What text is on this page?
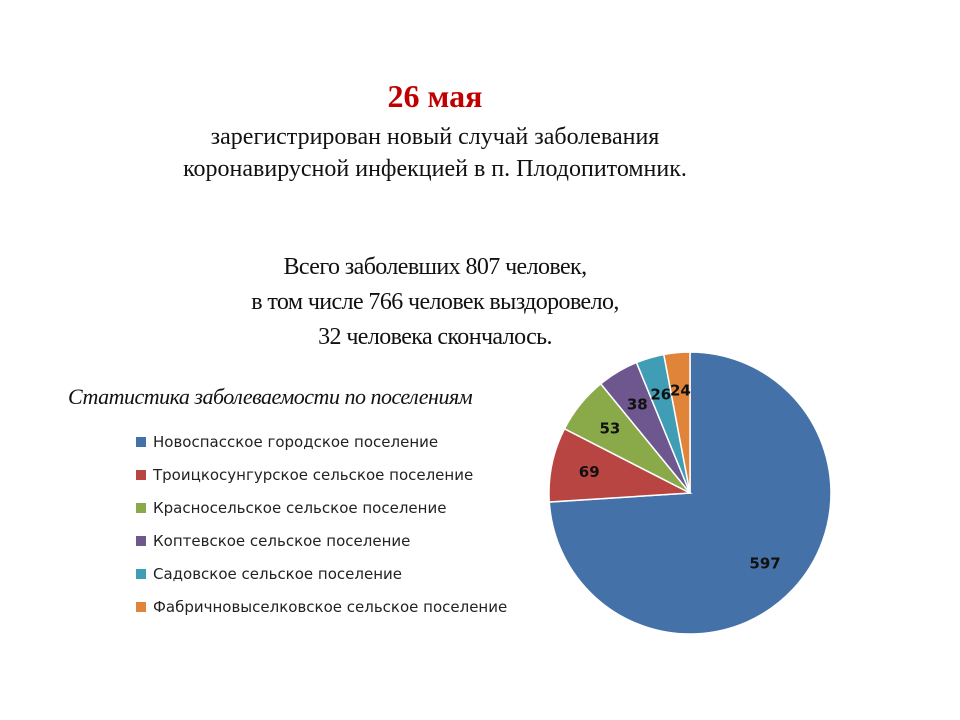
26 мая
зарегистрирован новый случай заболевания
коронавирусной инфекцией в п. Плодопитомник.
Всего заболевших 807 человек,
в том числе 766 человек выздоровело,
32 человека скончалось.
Статистика заболеваемости по поселениям
Новоспасское городское поселение
Троицкосунгурское сельское поселение
Красносельское сельское поселение
Коптевское сельское поселение
Садовское сельское поселение
Фабричновыселковское сельское поселение
597
69
53
38
26
24
